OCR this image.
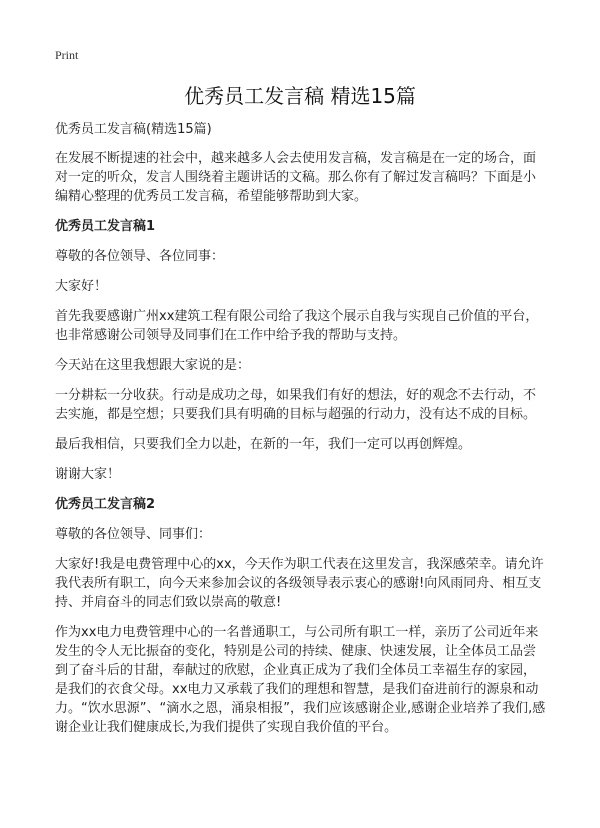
Print
优秀员工发言稿 精选15篇
优秀员工发言稿(精选15篇)

在发展不断提速的社会中，越来越多人会去使用发言稿，发言稿是在一定的场合，面对一定的听众，发言人围绕着主题讲话的文稿。那么你有了解过发言稿吗？下面是小编精心整理的优秀员工发言稿，希望能够帮助到大家。

优秀员工发言稿1

尊敬的各位领导、各位同事：

大家好！

首先我要感谢广州xx建筑工程有限公司给了我这个展示自我与实现自己价值的平台，也非常感谢公司领导及同事们在工作中给予我的帮助与支持。

今天站在这里我想跟大家说的是：

一分耕耘一分收获。行动是成功之母，如果我们有好的想法，好的观念不去行动，不去实施，都是空想；只要我们具有明确的目标与超强的行动力，没有达不成的目标。

最后我相信，只要我们全力以赴，在新的一年，我们一定可以再创辉煌。

谢谢大家！

优秀员工发言稿2

尊敬的各位领导、同事们：

大家好!我是电费管理中心的xx，今天作为职工代表在这里发言，我深感荣幸。请允许我代表所有职工，向今天来参加会议的各级领导表示衷心的感谢!向风雨同舟、相互支持、并肩奋斗的同志们致以崇高的敬意!

作为xx电力电费管理中心的一名普通职工，与公司所有职工一样，亲历了公司近年来发生的令人无比振奋的变化，特别是公司的持续、健康、快速发展，让全体员工品尝到了奋斗后的甘甜，奉献过的欣慰，企业真正成为了我们全体员工幸福生存的家园，是我们的衣食父母。xx电力又承载了我们的理想和智慧，是我们奋进前行的源泉和动力。“饮水思源”、“滴水之恩，涌泉相报”，我们应该感谢企业,感谢企业培养了我们,感谢企业让我们健康成长,为我们提供了实现自我价值的平台。
